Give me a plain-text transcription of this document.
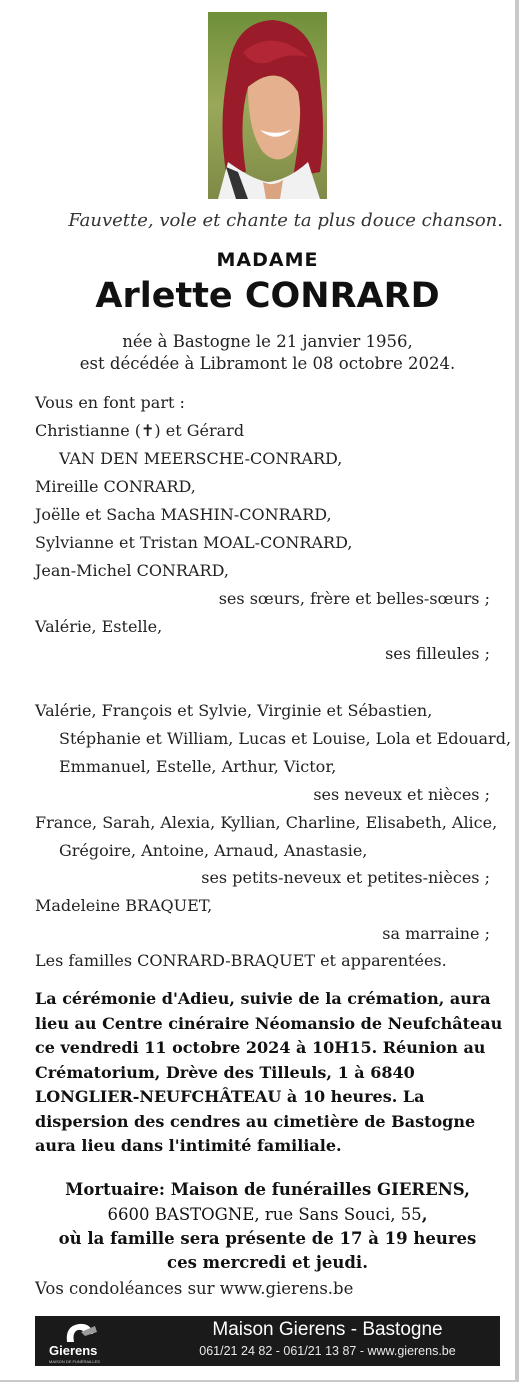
Fauvette, vole et chante ta plus douce chanson.
MADAME
Arlette CONRARD
née à Bastogne le 21 janvier 1956,
est décédée à Libramont le 08 octobre 2024.
Vous en font part :
Christianne (✝) et Gérard
VAN DEN MEERSCHE-CONRARD,
Mireille CONRARD,
Joëlle et Sacha MASHIN-CONRARD,
Sylvianne et Tristan MOAL-CONRARD,
Jean-Michel CONRARD,
ses sœurs, frère et belles-sœurs ;
Valérie, Estelle,
ses filleules ;
Valérie, François et Sylvie, Virginie et Sébastien,
Stéphanie et William, Lucas et Louise, Lola et Edouard,
Emmanuel, Estelle, Arthur, Victor,
ses neveux et nièces ;
France, Sarah, Alexia, Kyllian, Charline, Elisabeth, Alice,
Grégoire, Antoine, Arnaud, Anastasie,
ses petits-neveux et petites-nièces ;
Madeleine BRAQUET,
sa marraine ;
Les familles CONRARD-BRAQUET et apparentées.
La cérémonie d'Adieu, suivie de la crémation, aura lieu au Centre cinéraire Néomansio de Neufchâteau ce vendredi 11 octobre 2024 à 10H15. Réunion au Crématorium, Drève des Tilleuls, 1 à 6840 LONGLIER-NEUFCHÂTEAU à 10 heures. La dispersion des cendres au cimetière de Bastogne aura lieu dans l'intimité familiale.
Mortuaire: Maison de funérailles GIERENS,
6600 BASTOGNE, rue Sans Souci, 55,
où la famille sera présente de 17 à 19 heures
ces mercredi et jeudi.
Vos condoléances sur www.gierens.be
Gierens
MAISON DE FUNÉRAILLES
Maison Gierens - Bastogne
061/21 24 82 - 061/21 13 87 - www.gierens.be
